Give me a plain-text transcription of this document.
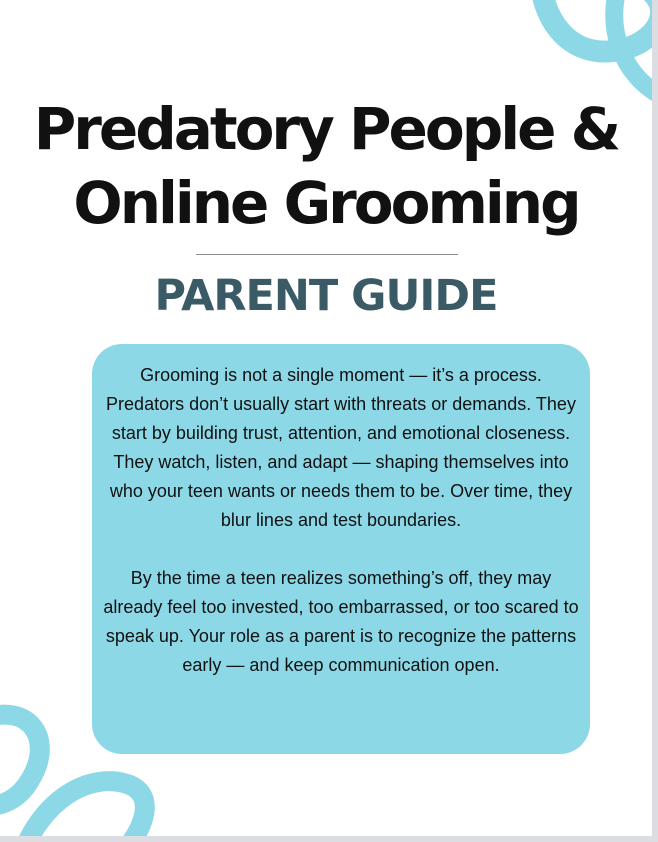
Predatory People &
Online Grooming
PARENT GUIDE

Grooming is not a single moment — it’s a process. Predators don’t usually start with threats or demands. They start by building trust, attention, and emotional closeness. They watch, listen, and adapt — shaping themselves into who your teen wants or needs them to be. Over time, they blur lines and test boundaries.

By the time a teen realizes something’s off, they may already feel too invested, too embarrassed, or too scared to speak up. Your role as a parent is to recognize the patterns early — and keep communication open.
